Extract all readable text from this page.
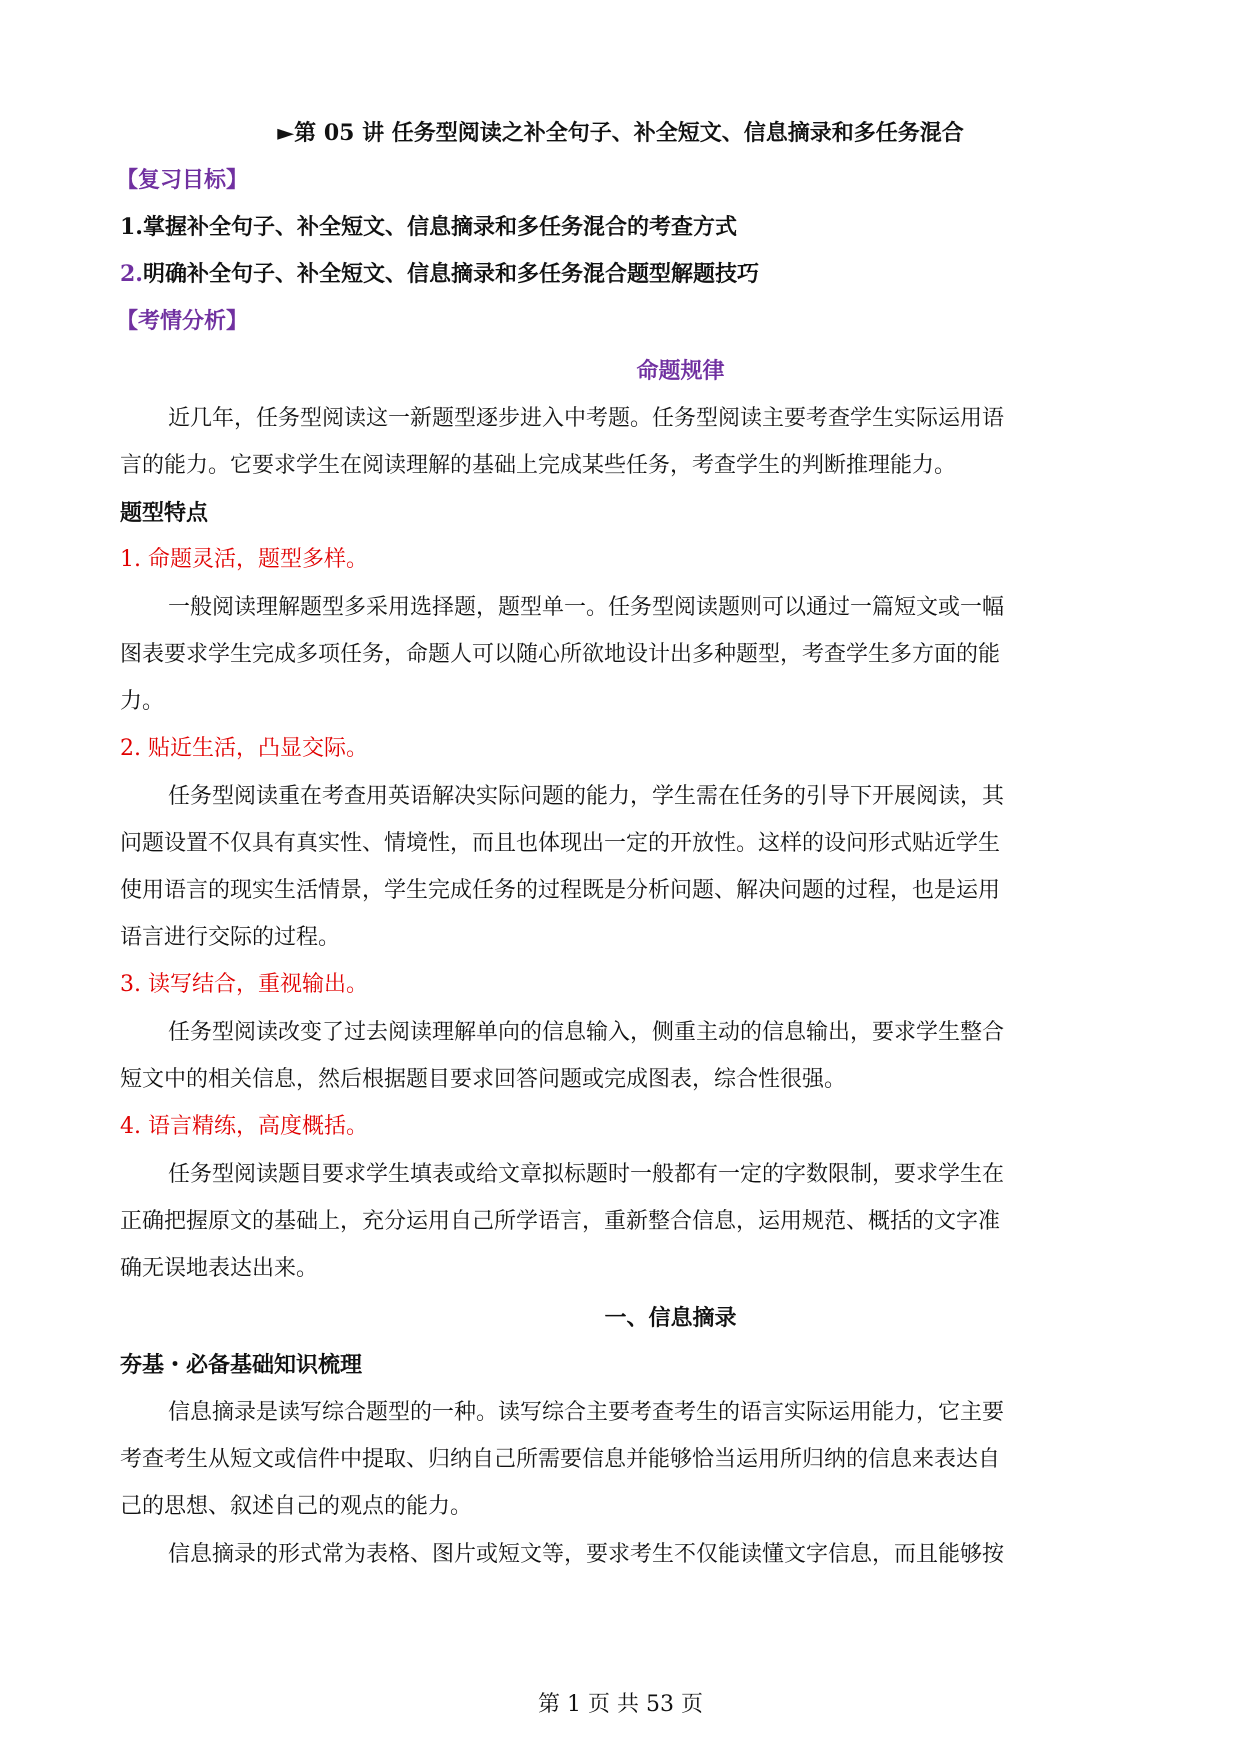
►第 05 讲 任务型阅读之补全句子、补全短文、信息摘录和多任务混合
【复习目标】
1.掌握补全句子、补全短文、信息摘录和多任务混合的考查方式
2.明确补全句子、补全短文、信息摘录和多任务混合题型解题技巧
【考情分析】
命题规律
近几年，任务型阅读这一新题型逐步进入中考题。任务型阅读主要考查学生实际运用语
言的能力。它要求学生在阅读理解的基础上完成某些任务，考查学生的判断推理能力。
题型特点
1. 命题灵活，题型多样。
一般阅读理解题型多采用选择题，题型单一。任务型阅读题则可以通过一篇短文或一幅
图表要求学生完成多项任务，命题人可以随心所欲地设计出多种题型，考查学生多方面的能
力。
2. 贴近生活，凸显交际。
任务型阅读重在考查用英语解决实际问题的能力，学生需在任务的引导下开展阅读，其
问题设置不仅具有真实性、情境性，而且也体现出一定的开放性。这样的设问形式贴近学生
使用语言的现实生活情景，学生完成任务的过程既是分析问题、解决问题的过程，也是运用
语言进行交际的过程。
3. 读写结合，重视输出。
任务型阅读改变了过去阅读理解单向的信息输入，侧重主动的信息输出，要求学生整合
短文中的相关信息，然后根据题目要求回答问题或完成图表，综合性很强。
4. 语言精练，高度概括。
任务型阅读题目要求学生填表或给文章拟标题时一般都有一定的字数限制，要求学生在
正确把握原文的基础上，充分运用自己所学语言，重新整合信息，运用规范、概括的文字准
确无误地表达出来。
一、信息摘录
夯基・必备基础知识梳理
信息摘录是读写综合题型的一种。读写综合主要考查考生的语言实际运用能力，它主要
考查考生从短文或信件中提取、归纳自己所需要信息并能够恰当运用所归纳的信息来表达自
己的思想、叙述自己的观点的能力。
信息摘录的形式常为表格、图片或短文等，要求考生不仅能读懂文字信息，而且能够按
第 1 页 共 53 页
